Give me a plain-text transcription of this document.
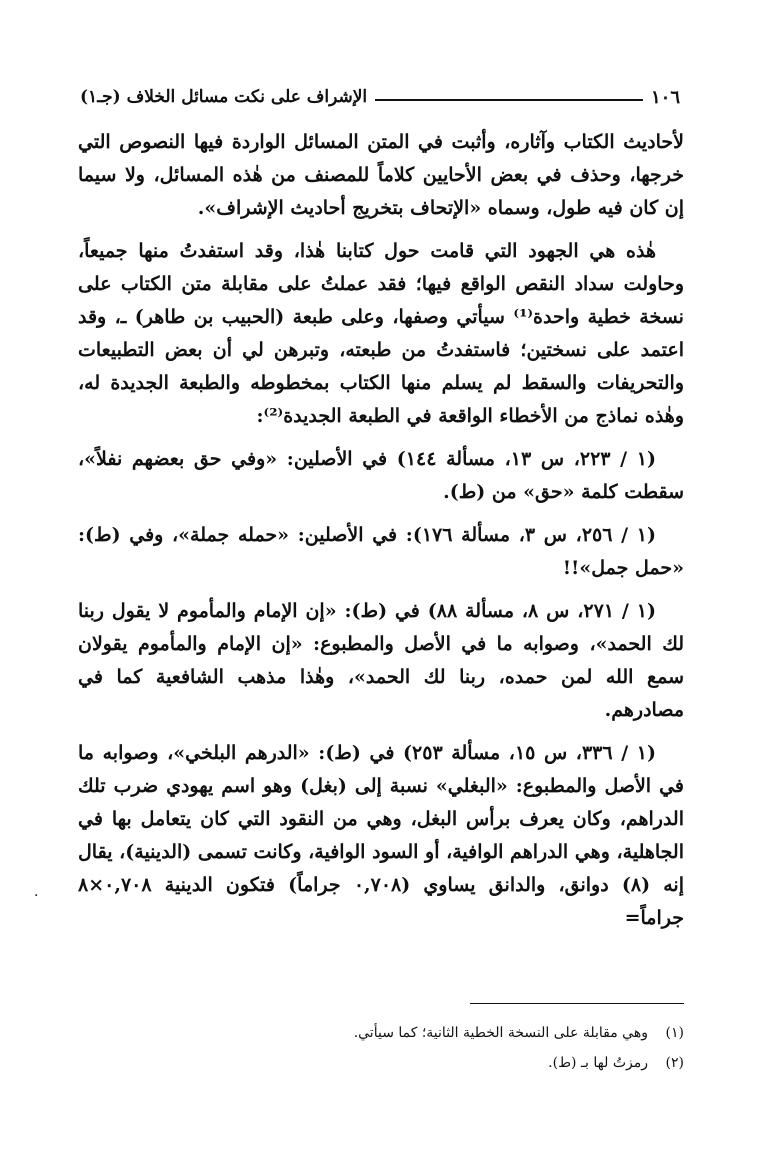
١٠٦
الإشراف على نكت مسائل الخلاف (جـ١)

لأحاديث الكتاب وآثاره، وأثبت في المتن المسائل الواردة فيها النصوص التي خرجها، وحذف في بعض الأحايين كلاماً للمصنف من هٰذه المسائل، ولا سيما إن كان فيه طول، وسماه «الإتحاف بتخريج أحاديث الإشراف».

هٰذه هي الجهود التي قامت حول كتابنا هٰذا، وقد استفدتُ منها جميعاً، وحاولت سداد النقص الواقع فيها؛ فقد عملتُ على مقابلة متن الكتاب على نسخة خطية واحدة⁽¹⁾ سيأتي وصفها، وعلى طبعة (الحبيب بن طاهر) ـ، وقد اعتمد على نسختين؛ فاستفدتُ من طبعته، وتبرهن لي أن بعض التطبيعات والتحريفات والسقط لم يسلم منها الكتاب بمخطوطه والطبعة الجديدة له، وهٰذه نماذج من الأخطاء الواقعة في الطبعة الجديدة⁽²⁾:

(١ / ٢٢٣، س ١٣، مسألة ١٤٤) في الأصلين: «وفي حق بعضهم نفلاً»، سقطت كلمة «حق» من (ط).

(١ / ٢٥٦، س ٣، مسألة ١٧٦): في الأصلين: «حمله جملة»، وفي (ط): «حمل جمل»!!

(١ / ٢٧١، س ٨، مسألة ٨٨) في (ط): «إن الإمام والمأموم لا يقول ربنا لك الحمد»، وصوابه ما في الأصل والمطبوع: «إن الإمام والمأموم يقولان سمع الله لمن حمده، ربنا لك الحمد»، وهٰذا مذهب الشافعية كما في مصادرهم.

(١ / ٣٣٦، س ١٥، مسألة ٢٥٣) في (ط): «الدرهم البلخي»، وصوابه ما في الأصل والمطبوع: «البغلي» نسبة إلى (بغل) وهو اسم يهودي ضرب تلك الدراهم، وكان يعرف برأس البغل، وهي من النقود التي كان يتعامل بها في الجاهلية، وهي الدراهم الوافية، أو السود الوافية، وكانت تسمى (الدينية)، يقال إنه (٨) دوانق، والدانق يساوي (٠,٧٠٨ جراماً) فتكون الدينية ٠,٧٠٨×٨ جراماً=

·
(١)
وهي مقابلة على النسخة الخطية الثانية؛ كما سيأتي.
(٢)
رمزتُ لها بـ (ط).
